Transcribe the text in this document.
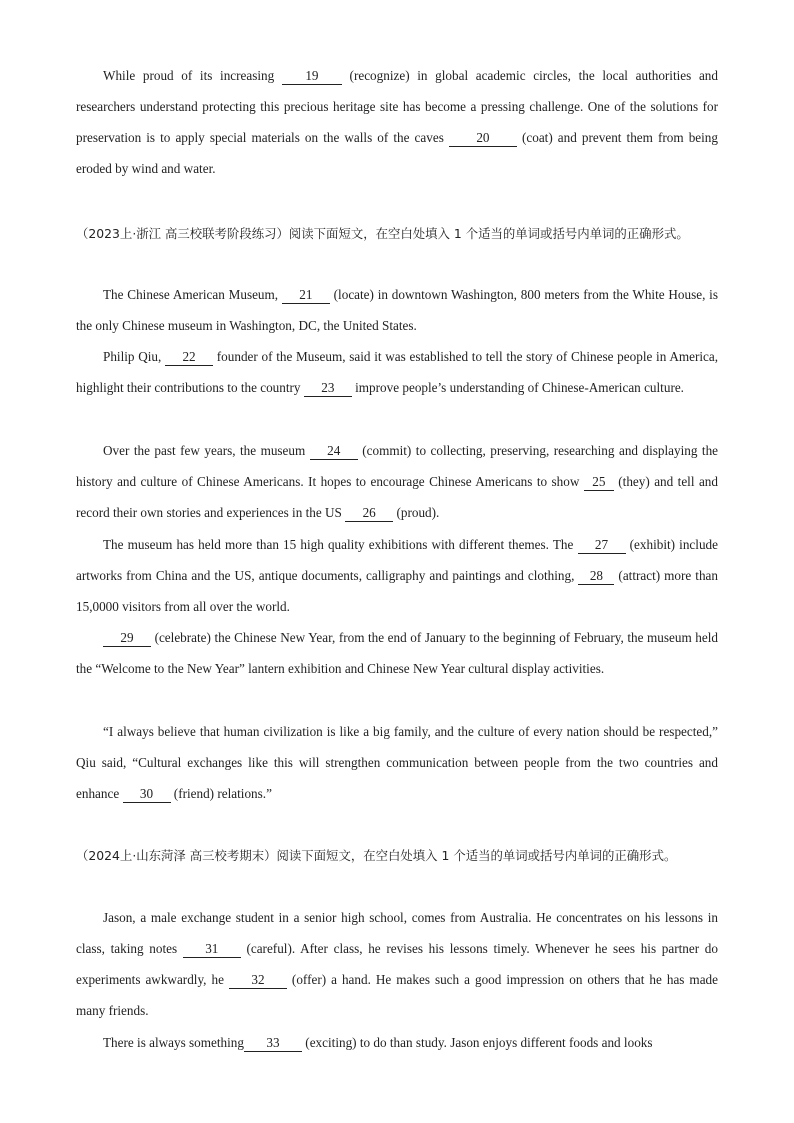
While proud of its increasing 19 (recognize) in global academic circles, the local authorities and researchers understand protecting this precious heritage site has become a pressing challenge. One of the solutions for preservation is to apply special materials on the walls of the caves 20 (coat) and prevent them from being eroded by wind and water.
（2023上·浙江 高三校联考阶段练习）阅读下面短文，在空白处填入 1 个适当的单词或括号内单词的正确形式。
The Chinese American Museum, 21 (locate) in downtown Washington, 800 meters from the White House, is the only Chinese museum in Washington, DC, the United States.
Philip Qiu, 22 founder of the Museum, said it was established to tell the story of Chinese people in America, highlight their contributions to the country 23 improve people’s understanding of Chinese-American culture.
Over the past few years, the museum 24 (commit) to collecting, preserving, researching and displaying the history and culture of Chinese Americans. It hopes to encourage Chinese Americans to show 25 (they) and tell and record their own stories and experiences in the US 26 (proud).
The museum has held more than 15 high quality exhibitions with different themes. The 27 (exhibit) include artworks from China and the US, antique documents, calligraphy and paintings and clothing, 28 (attract) more than 15,0000 visitors from all over the world.
29 (celebrate) the Chinese New Year, from the end of January to the beginning of February, the museum held the “Welcome to the New Year” lantern exhibition and Chinese New Year cultural display activities.
“I always believe that human civilization is like a big family, and the culture of every nation should be respected,” Qiu said, “Cultural exchanges like this will strengthen communication between people from the two countries and enhance 30 (friend) relations.”
（2024上·山东菏泽 高三校考期末）阅读下面短文，在空白处填入 1 个适当的单词或括号内单词的正确形式。
Jason, a male exchange student in a senior high school, comes from Australia. He concentrates on his lessons in class, taking notes 31 (careful). After class, he revises his lessons timely. Whenever he sees his partner do experiments awkwardly, he 32 (offer) a hand. He makes such a good impression on others that he has made many friends.
There is always something 33 (exciting) to do than study. Jason enjoys different foods and looks
